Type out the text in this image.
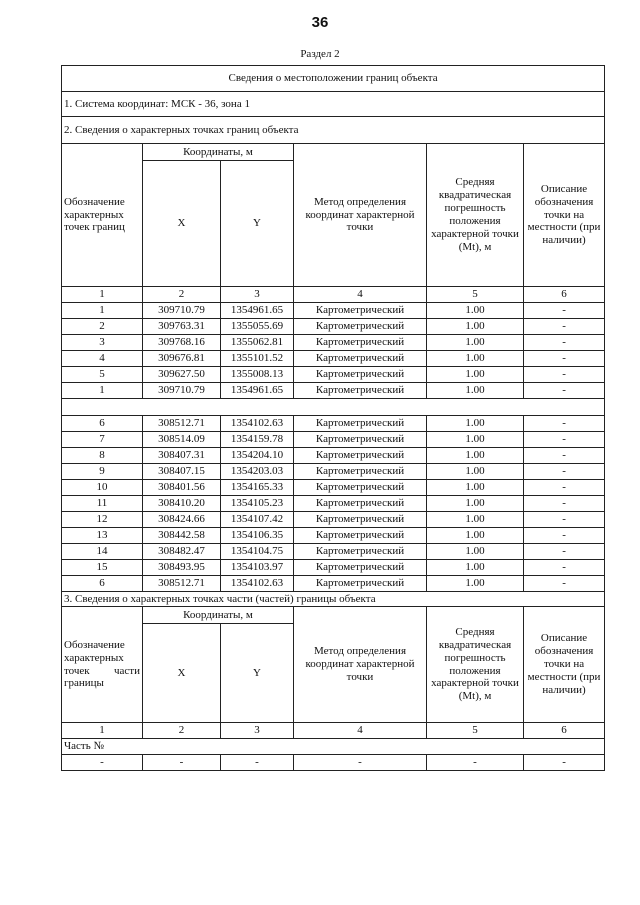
36
Раздел 2
Сведения о местоположении границ объекта					
1. Система координат: МСК - 36, зона 1					
2. Сведения о характерных точках границ объекта					
Обозначение характерных точек границ	Координаты, м		Метод определения координат характерной точки	Средняя квадратическая погрешность положения характерной точки (Mt), м	Описание обозначения точки на местности (при наличии)
	X	Y			
1	2	3	4	5	6
1	309710.79	1354961.65	Картометрический	1.00	-
2	309763.31	1355055.69	Картометрический	1.00	-
3	309768.16	1355062.81	Картометрический	1.00	-
4	309676.81	1355101.52	Картометрический	1.00	-
5	309627.50	1355008.13	Картометрический	1.00	-
1	309710.79	1354961.65	Картометрический	1.00	-

6	308512.71	1354102.63	Картометрический	1.00	-
7	308514.09	1354159.78	Картометрический	1.00	-
8	308407.31	1354204.10	Картометрический	1.00	-
9	308407.15	1354203.03	Картометрический	1.00	-
10	308401.56	1354165.33	Картометрический	1.00	-
11	308410.20	1354105.23	Картометрический	1.00	-
12	308424.66	1354107.42	Картометрический	1.00	-
13	308442.58	1354106.35	Картометрический	1.00	-
14	308482.47	1354104.75	Картометрический	1.00	-
15	308493.95	1354103.97	Картометрический	1.00	-
6	308512.71	1354102.63	Картометрический	1.00	-
3. Сведения о характерных точках части (частей) границы объекта					
Обозначение характерных точек части границы	Координаты, м		Метод определения координат характерной точки	Средняя квадратическая погрешность положения характерной точки (Mt), м	Описание обозначения точки на местности (при наличии)
	X	Y			
1	2	3	4	5	6
Часть №					
-	-	-	-	-	-
